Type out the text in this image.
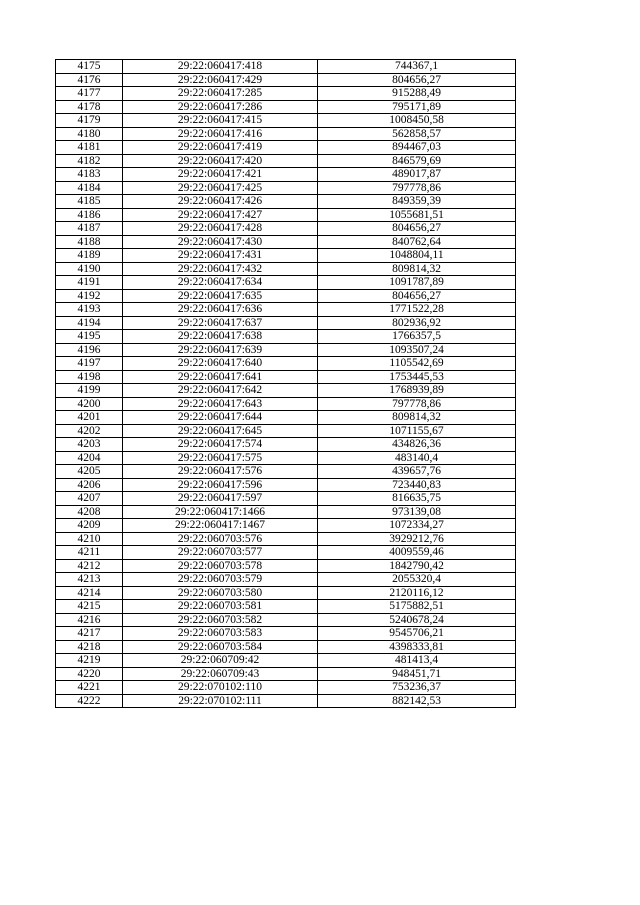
4175	29:22:060417:418	744367,1
4176	29:22:060417:429	804656,27
4177	29:22:060417:285	915288,49
4178	29:22:060417:286	795171,89
4179	29:22:060417:415	1008450,58
4180	29:22:060417:416	562858,57
4181	29:22:060417:419	894467,03
4182	29:22:060417:420	846579,69
4183	29:22:060417:421	489017,87
4184	29:22:060417:425	797778,86
4185	29:22:060417:426	849359,39
4186	29:22:060417:427	1055681,51
4187	29:22:060417:428	804656,27
4188	29:22:060417:430	840762,64
4189	29:22:060417:431	1048804,11
4190	29:22:060417:432	809814,32
4191	29:22:060417:634	1091787,89
4192	29:22:060417:635	804656,27
4193	29:22:060417:636	1771522,28
4194	29:22:060417:637	802936,92
4195	29:22:060417:638	1766357,5
4196	29:22:060417:639	1093507,24
4197	29:22:060417:640	1105542,69
4198	29:22:060417:641	1753445,53
4199	29:22:060417:642	1768939,89
4200	29:22:060417:643	797778,86
4201	29:22:060417:644	809814,32
4202	29:22:060417:645	1071155,67
4203	29:22:060417:574	434826,36
4204	29:22:060417:575	483140,4
4205	29:22:060417:576	439657,76
4206	29:22:060417:596	723440,83
4207	29:22:060417:597	816635,75
4208	29:22:060417:1466	973139,08
4209	29:22:060417:1467	1072334,27
4210	29:22:060703:576	3929212,76
4211	29:22:060703:577	4009559,46
4212	29:22:060703:578	1842790,42
4213	29:22:060703:579	2055320,4
4214	29:22:060703:580	2120116,12
4215	29:22:060703:581	5175882,51
4216	29:22:060703:582	5240678,24
4217	29:22:060703:583	9545706,21
4218	29:22:060703:584	4398333,81
4219	29:22:060709:42	481413,4
4220	29:22:060709:43	948451,71
4221	29:22:070102:110	753236,37
4222	29:22:070102:111	882142,53
